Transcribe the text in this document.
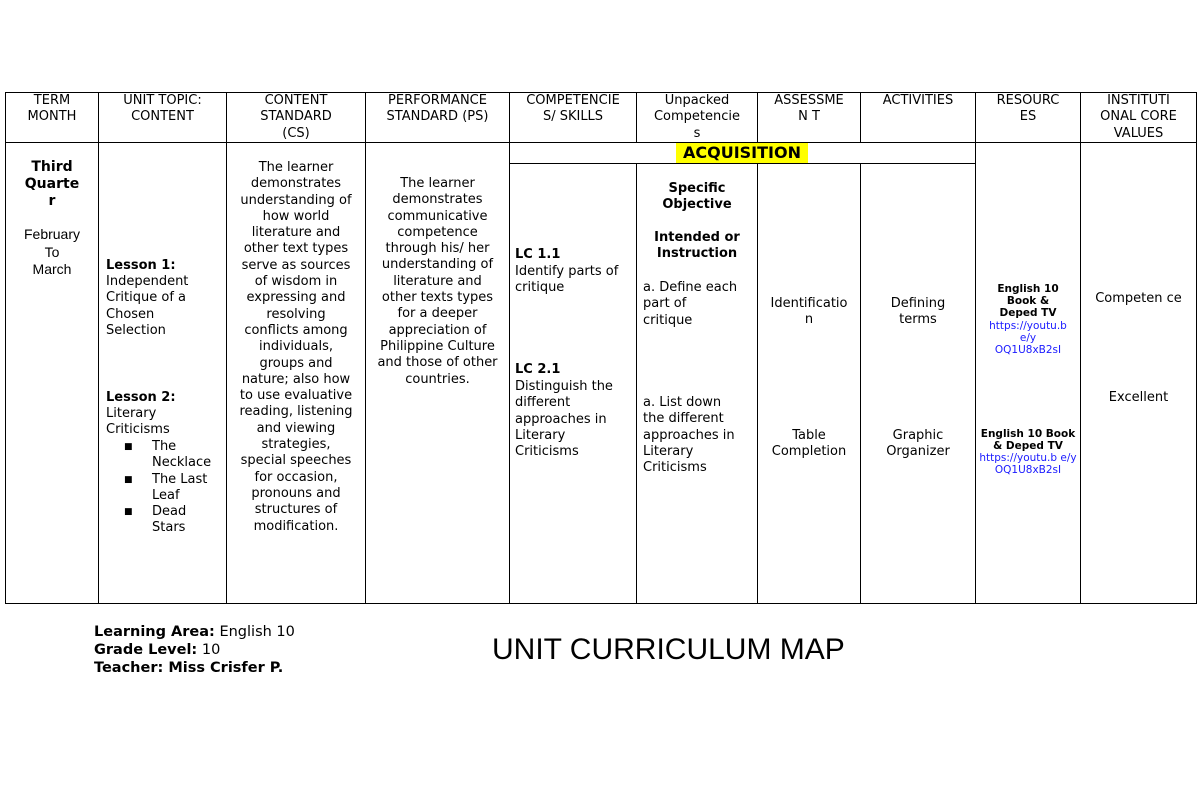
TERM
MONTH
UNIT TOPIC:
CONTENT
CONTENT
STANDARD
(CS)
PERFORMANCE
STANDARD (PS)
COMPETENCIE
S/ SKILLS
Unpacked
Competencie
s
ASSESSME
N T
ACTIVITIES	RESOURC
ES
INSTITUTI
ONAL CORE
VALUES
ACQUISITION
Third
Quarte
r
February
To
March	Lesson 1:
Independent
Critique of a
Chosen
Selection
Lesson 2:
Literary
Criticisms
■ The
Necklace
■ The Last
Leaf
■ Dead
Stars
The learner
demonstrates
understanding of
how world
literature and
other text types
serve as sources
of wisdom in
expressing and
resolving
conflicts among
individuals,
groups and
nature; also how
to use evaluative
reading, listening
and viewing
strategies,
special speeches
for occasion,
pronouns and
structures of
modification.
The learner
demonstrates
communicative
competence
through his/ her
understanding of
literature and
other texts types
for a deeper
appreciation of
Philippine Culture
and those of other
countries.
LC 1.1
Identify parts of
critique
LC 2.1
Distinguish the
different
approaches in
Literary
Criticisms
Specific
Objective
Intended or
Instruction
a. Define each
part of
critique
a. List down
the different
approaches in
Literary
Criticisms
Identificatio
n
Table
Completion
Defining
terms
Graphic
Organizer
English 10
Book &
Deped TV
https://youtu.b
e/y
OQ1U8xB2sI
English 10 Book
& Deped TV
https://youtu.b e/y
OQ1U8xB2sI
Competen ce
Excellent
Learning Area: English 10
Grade Level: 10
Teacher: Miss Crisfer P.
UNIT CURRICULUM MAP
